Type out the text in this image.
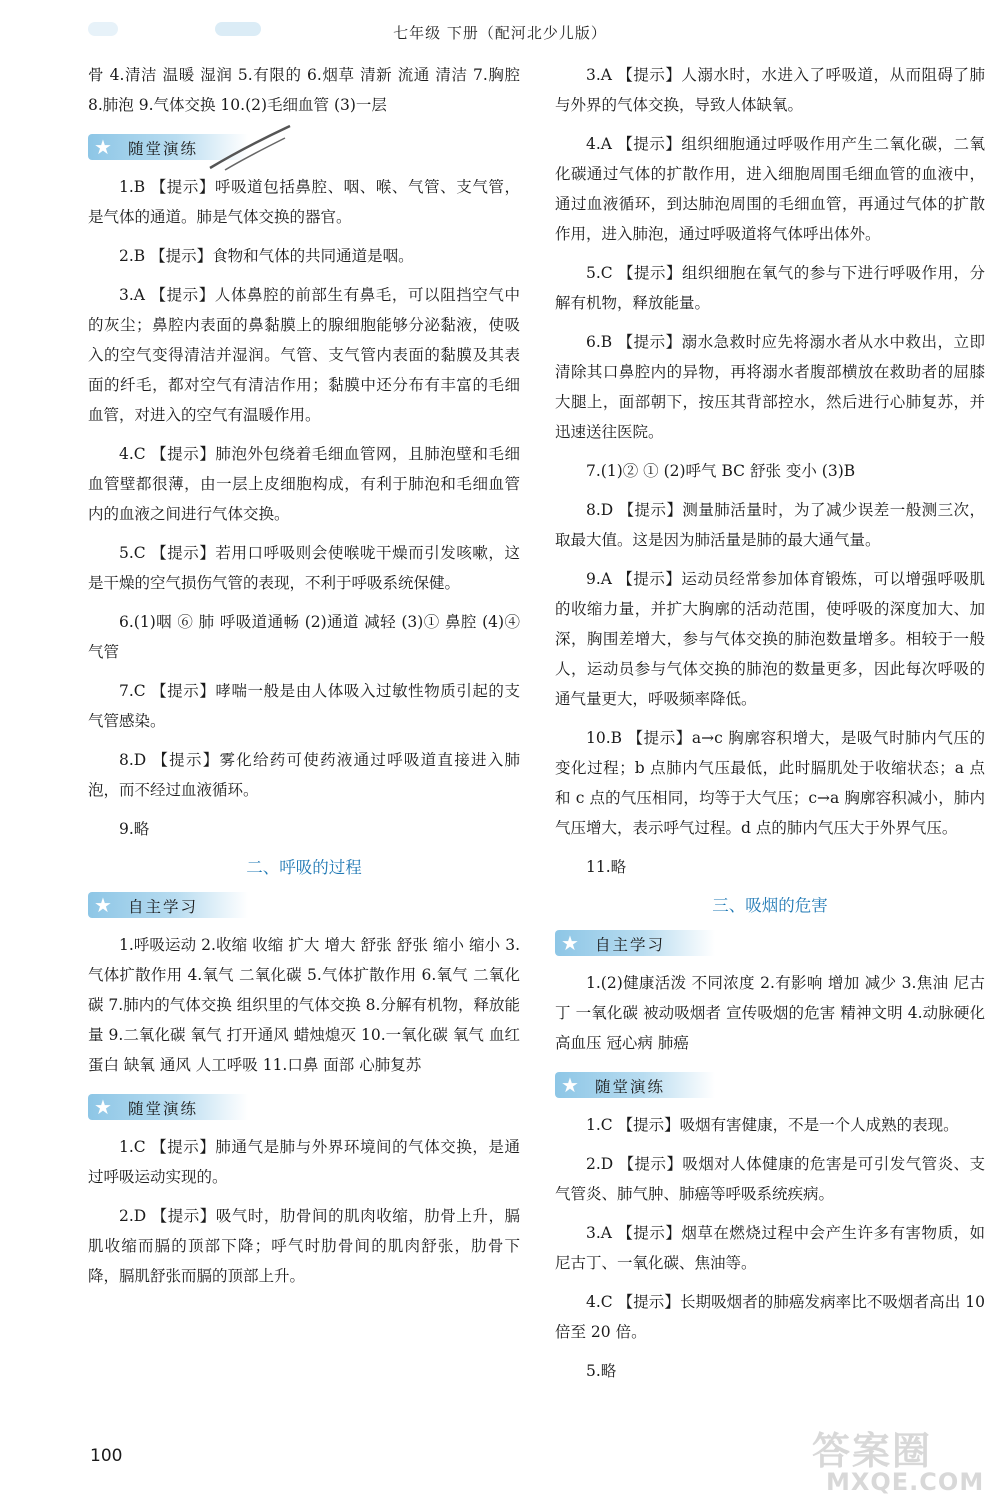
七年级 下册（配河北少儿版）

骨 4.清洁 温暖 湿润 5.有限的 6.烟草 清新 流通 清洁 7.胸腔 8.肺泡 9.气体交换 10.(2)毛细血管 (3)一层

★ 随堂演练

1.B 【提示】呼吸道包括鼻腔、咽、喉、气管、支气管，是气体的通道。肺是气体交换的器官。

2.B 【提示】食物和气体的共同通道是咽。

3.A 【提示】人体鼻腔的前部生有鼻毛，可以阻挡空气中的灰尘；鼻腔内表面的鼻黏膜上的腺细胞能够分泌黏液，使吸入的空气变得清洁并湿润。气管、支气管内表面的黏膜及其表面的纤毛，都对空气有清洁作用；黏膜中还分布有丰富的毛细血管，对进入的空气有温暖作用。

4.C 【提示】肺泡外包绕着毛细血管网，且肺泡壁和毛细血管壁都很薄，由一层上皮细胞构成，有利于肺泡和毛细血管内的血液之间进行气体交换。

5.C 【提示】若用口呼吸则会使喉咙干燥而引发咳嗽，这是干燥的空气损伤气管的表现，不利于呼吸系统保健。

6.(1)咽 ⑥ 肺 呼吸道通畅 (2)通道 减轻 (3)① 鼻腔 (4)④ 气管

7.C 【提示】哮喘一般是由人体吸入过敏性物质引起的支气管感染。

8.D 【提示】雾化给药可使药液通过呼吸道直接进入肺泡，而不经过血液循环。

9.略

二、呼吸的过程
★ 自主学习

1.呼吸运动 2.收缩 收缩 扩大 增大 舒张 舒张 缩小 缩小 3.气体扩散作用 4.氧气 二氧化碳 5.气体扩散作用 6.氧气 二氧化碳 7.肺内的气体交换 组织里的气体交换 8.分解有机物，释放能量 9.二氧化碳 氧气 打开通风 蜡烛熄灭 10.一氧化碳 氧气 血红蛋白 缺氧 通风 人工呼吸 11.口鼻 面部 心肺复苏

★ 随堂演练

1.C 【提示】肺通气是肺与外界环境间的气体交换，是通过呼吸运动实现的。

2.D 【提示】吸气时，肋骨间的肌肉收缩，肋骨上升，膈肌收缩而膈的顶部下降；呼气时肋骨间的肌肉舒张，肋骨下降，膈肌舒张而膈的顶部上升。

3.A 【提示】人溺水时，水进入了呼吸道，从而阻碍了肺与外界的气体交换，导致人体缺氧。

4.A 【提示】组织细胞通过呼吸作用产生二氧化碳，二氧化碳通过气体的扩散作用，进入细胞周围毛细血管的血液中，通过血液循环，到达肺泡周围的毛细血管，再通过气体的扩散作用，进入肺泡，通过呼吸道将气体呼出体外。

5.C 【提示】组织细胞在氧气的参与下进行呼吸作用，分解有机物，释放能量。

6.B 【提示】溺水急救时应先将溺水者从水中救出，立即清除其口鼻腔内的异物，再将溺水者腹部横放在救助者的屈膝大腿上，面部朝下，按压其背部控水，然后进行心肺复苏，并迅速送往医院。

7.(1)② ① (2)呼气 BC 舒张 变小 (3)B

8.D 【提示】测量肺活量时，为了减少误差一般测三次，取最大值。这是因为肺活量是肺的最大通气量。

9.A 【提示】运动员经常参加体育锻炼，可以增强呼吸肌的收缩力量，并扩大胸廓的活动范围，使呼吸的深度加大、加深，胸围差增大，参与气体交换的肺泡数量增多。相较于一般人，运动员参与气体交换的肺泡的数量更多，因此每次呼吸的通气量更大，呼吸频率降低。

10.B 【提示】a→c 胸廓容积增大，是吸气时肺内气压的变化过程；b 点肺内气压最低，此时膈肌处于收缩状态；a 点和 c 点的气压相同，均等于大气压；c→a 胸廓容积减小，肺内气压增大，表示呼气过程。d 点的肺内气压大于外界气压。

11.略

三、吸烟的危害
★ 自主学习

1.(2)健康活泼 不同浓度 2.有影响 增加 减少 3.焦油 尼古丁 一氧化碳 被动吸烟者 宣传吸烟的危害 精神文明 4.动脉硬化 高血压 冠心病 肺癌

★ 随堂演练

1.C 【提示】吸烟有害健康，不是一个人成熟的表现。

2.D 【提示】吸烟对人体健康的危害是可引发气管炎、支气管炎、肺气肿、肺癌等呼吸系统疾病。

3.A 【提示】烟草在燃烧过程中会产生许多有害物质，如尼古丁、一氧化碳、焦油等。

4.C 【提示】长期吸烟者的肺癌发病率比不吸烟者高出 10 倍至 20 倍。

5.略

100	答案圈
MXQE.COM
